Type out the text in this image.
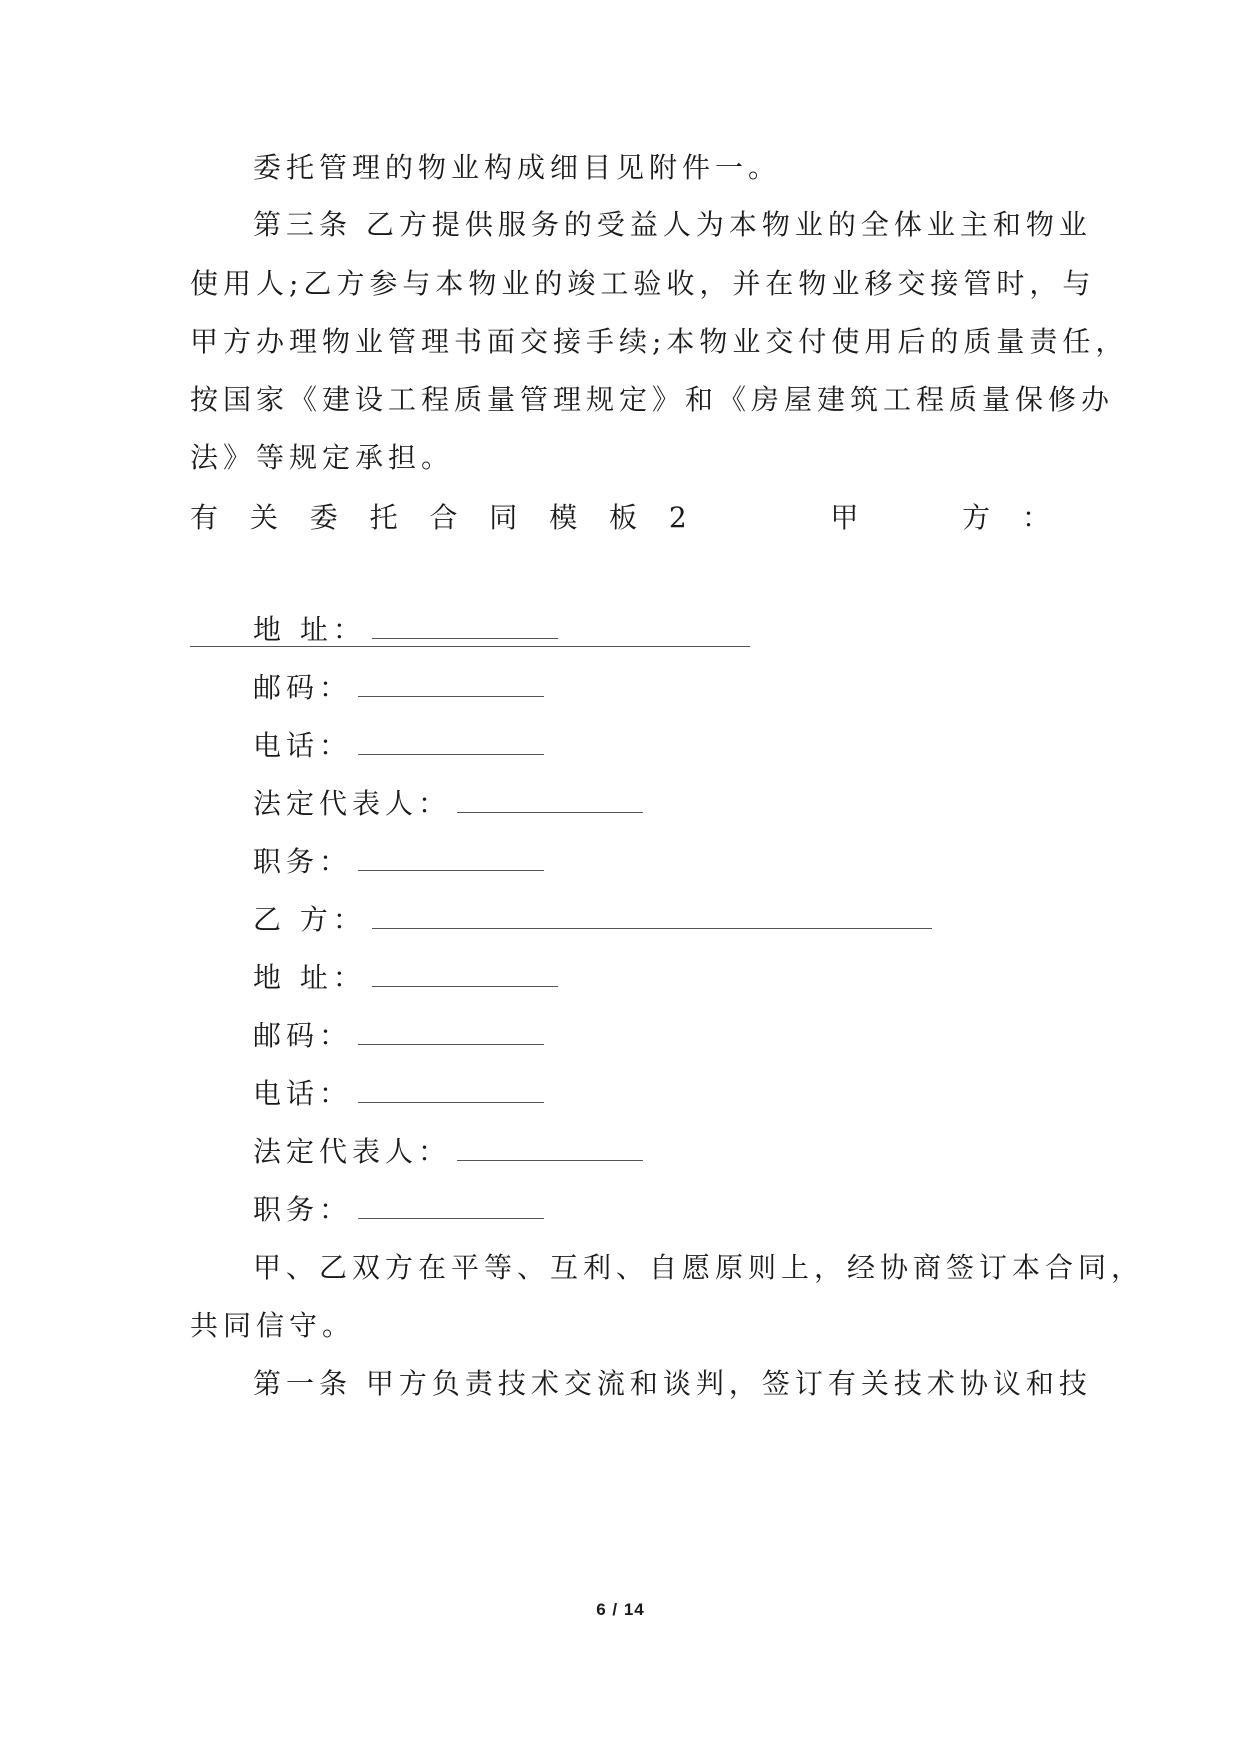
委托管理的物业构成细目见附件一。
第三条 乙方提供服务的受益人为本物业的全体业主和物业
使用人;乙方参与本物业的竣工验收，并在物业移交接管时，与
甲方办理物业管理书面交接手续;本物业交付使用后的质量责任，
按国家《建设工程质量管理规定》和《房屋建筑工程质量保修办
法》等规定承担。
有 关 委 托 合 同 模 板 2	甲	方 ：
地 址：
邮码：
电话：
法定代表人：
职务：
乙 方：
地 址：
邮码：
电话：
法定代表人：
职务：
甲、乙双方在平等、互利、自愿原则上，经协商签订本合同，
共同信守。
第一条 甲方负责技术交流和谈判，签订有关技术协议和技
6 / 14
